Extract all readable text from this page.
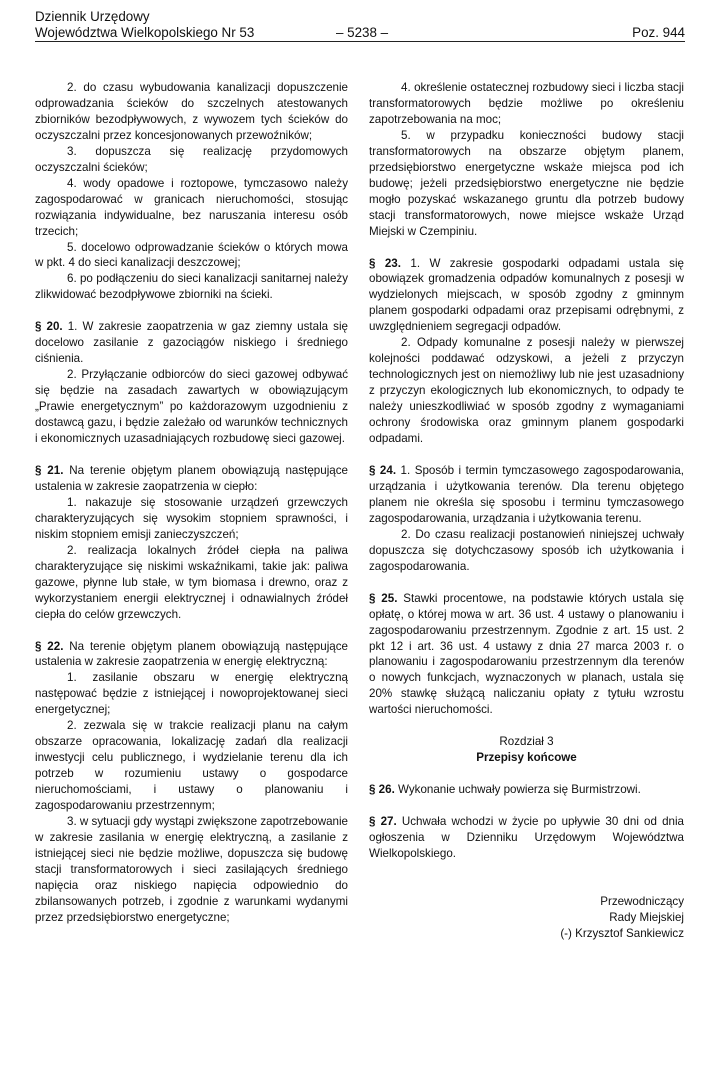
Dziennik Urzędowy
Województwa Wielkopolskiego Nr 53	– 5238 –	Poz. 944

2. do czasu wybudowania kanalizacji dopuszczenie odprowadzania ścieków do szczelnych atestowanych zbiorników bezodpływowych, z wywozem tych ścieków do oczyszczalni przez koncesjonowanych przewoźników;

3. dopuszcza się realizację przydomowych oczyszczalni ścieków;

4. wody opadowe i roztopowe, tymczasowo należy zagospodarować w granicach nieruchomości, stosując rozwiązania indywidualne, bez naruszania interesu osób trzecich;

5. docelowo odprowadzanie ścieków o których mowa w pkt. 4 do sieci kanalizacji deszczowej;

6. po podłączeniu do sieci kanalizacji sanitarnej należy zlikwidować bezodpływowe zbiorniki na ścieki.

§ 20. 1. W zakresie zaopatrzenia w gaz ziemny ustala się docelowo zasilanie z gazociągów niskiego i średniego ciśnienia.

2. Przyłączanie odbiorców do sieci gazowej odbywać się będzie na zasadach zawartych w obowiązującym „Prawie energetycznym” po każdorazowym uzgodnieniu z dostawcą gazu, i będzie zależało od warunków technicznych i ekonomicznych uzasadniających rozbudowę sieci gazowej.

§ 21. Na terenie objętym planem obowiązują następujące ustalenia w zakresie zaopatrzenia w ciepło:

1. nakazuje się stosowanie urządzeń grzewczych charakteryzujących się wysokim stopniem sprawności, i niskim stopniem emisji zanieczyszczeń;

2. realizacja lokalnych źródeł ciepła na paliwa charakteryzujące się niskimi wskaźnikami, takie jak: paliwa gazowe, płynne lub stałe, w tym biomasa i drewno, oraz z wykorzystaniem energii elektrycznej i odnawialnych źródeł ciepła do celów grzewczych.

§ 22. Na terenie objętym planem obowiązują następujące ustalenia w zakresie zaopatrzenia w energię elektryczną:

1. zasilanie obszaru w energię elektryczną następować będzie z istniejącej i nowoprojektowanej sieci energetycznej;

2. zezwala się w trakcie realizacji planu na całym obszarze opracowania, lokalizację zadań dla realizacji inwestycji celu publicznego, i wydzielanie terenu dla ich potrzeb w rozumieniu ustawy o gospodarce nieruchomościami, i ustawy o planowaniu i zagospodarowaniu przestrzennym;

3. w sytuacji gdy wystąpi zwiększone zapotrzebowanie w zakresie zasilania w energię elektryczną, a zasilanie z istniejącej sieci nie będzie możliwe, dopuszcza się budowę stacji transformatorowych i sieci zasilających średniego napięcia oraz niskiego napięcia odpowiednio do zbilansowanych potrzeb, i zgodnie z warunkami wydanymi przez przedsiębiorstwo energetyczne;

4. określenie ostatecznej rozbudowy sieci i liczba stacji transformatorowych będzie możliwe po określeniu zapotrzebowania na moc;

5. w przypadku konieczności budowy stacji transformatorowych na obszarze objętym planem, przedsiębiorstwo energetyczne wskaże miejsca pod ich budowę; jeżeli przedsiębiorstwo energetyczne nie będzie mogło pozyskać wskazanego gruntu dla potrzeb budowy stacji transformatorowych, nowe miejsce wskaże Urząd Miejski w Czempiniu.

§ 23. 1. W zakresie gospodarki odpadami ustala się obowiązek gromadzenia odpadów komunalnych z posesji w wydzielonych miejscach, w sposób zgodny z gminnym planem gospodarki odpadami oraz przepisami odrębnymi, z uwzględnieniem segregacji odpadów.

2. Odpady komunalne z posesji należy w pierwszej kolejności poddawać odzyskowi, a jeżeli z przyczyn technologicznych jest on niemożliwy lub nie jest uzasadniony z przyczyn ekologicznych lub ekonomicznych, to odpady te należy unieszkodliwiać w sposób zgodny z wymaganiami ochrony środowiska oraz gminnym planem gospodarki odpadami.

§ 24. 1. Sposób i termin tymczasowego zagospodarowania, urządzania i użytkowania terenów. Dla terenu objętego planem nie określa się sposobu i terminu tymczasowego zagospodarowania, urządzania i użytkowania terenu.

2. Do czasu realizacji postanowień niniejszej uchwały dopuszcza się dotychczasowy sposób ich użytkowania i zagospodarowania.

§ 25. Stawki procentowe, na podstawie których ustala się opłatę, o której mowa w art. 36 ust. 4 ustawy o planowaniu i zagospodarowaniu przestrzennym. Zgodnie z art. 15 ust. 2 pkt 12 i art. 36 ust. 4 ustawy z dnia 27 marca 2003 r. o planowaniu i zagospodarowaniu przestrzennym dla terenów o nowych funkcjach, wyznaczonych w planach, ustala się 20% stawkę służącą naliczaniu opłaty z tytułu wzrostu wartości nieruchomości.

Rozdział 3

Przepisy końcowe

§ 26. Wykonanie uchwały powierza się Burmistrzowi.

§ 27. Uchwała wchodzi w życie po upływie 30 dni od dnia ogłoszenia w Dzienniku Urzędowym Województwa Wielkopolskiego.

Przewodniczący

Rady Miejskiej

(-) Krzysztof Sankiewicz
